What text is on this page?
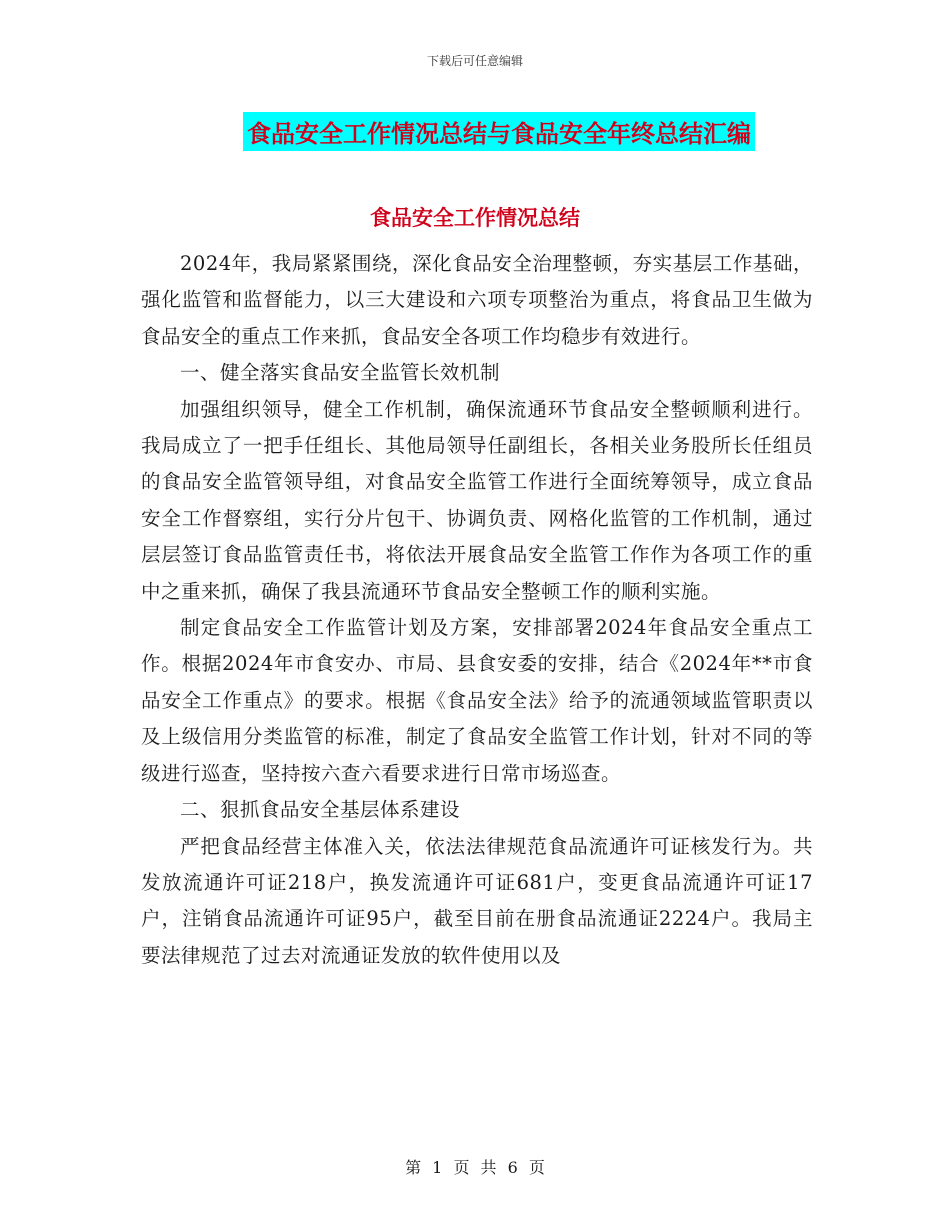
下载后可任意编辑
食品安全工作情况总结与食品安全年终总结汇编
食品安全工作情况总结

2024年，我局紧紧围绕，深化食品安全治理整顿，夯实基层工作基础，强化监管和监督能力，以三大建设和六项专项整治为重点，将食品卫生做为食品安全的重点工作来抓，食品安全各项工作均稳步有效进行。

一、健全落实食品安全监管长效机制

加强组织领导，健全工作机制，确保流通环节食品安全整顿顺利进行。我局成立了一把手任组长、其他局领导任副组长，各相关业务股所长任组员的食品安全监管领导组，对食品安全监管工作进行全面统筹领导，成立食品安全工作督察组，实行分片包干、协调负责、网格化监管的工作机制，通过层层签订食品监管责任书，将依法开展食品安全监管工作作为各项工作的重中之重来抓，确保了我县流通环节食品安全整顿工作的顺利实施。

制定食品安全工作监管计划及方案，安排部署2024年食品安全重点工作。根据2024年市食安办、市局、县食安委的安排，结合《2024年**市食品安全工作重点》的要求。根据《食品安全法》给予的流通领域监管职责以及上级信用分类监管的标准，制定了食品安全监管工作计划，针对不同的等级进行巡查，坚持按六查六看要求进行日常市场巡查。

二、狠抓食品安全基层体系建设

严把食品经营主体准入关，依法法律规范食品流通许可证核发行为。共发放流通许可证218户，换发流通许可证681户，变更食品流通许可证17户，注销食品流通许可证95户，截至目前在册食品流通证2224户。我局主要法律规范了过去对流通证发放的软件使用以及

第 1 页 共 6 页
